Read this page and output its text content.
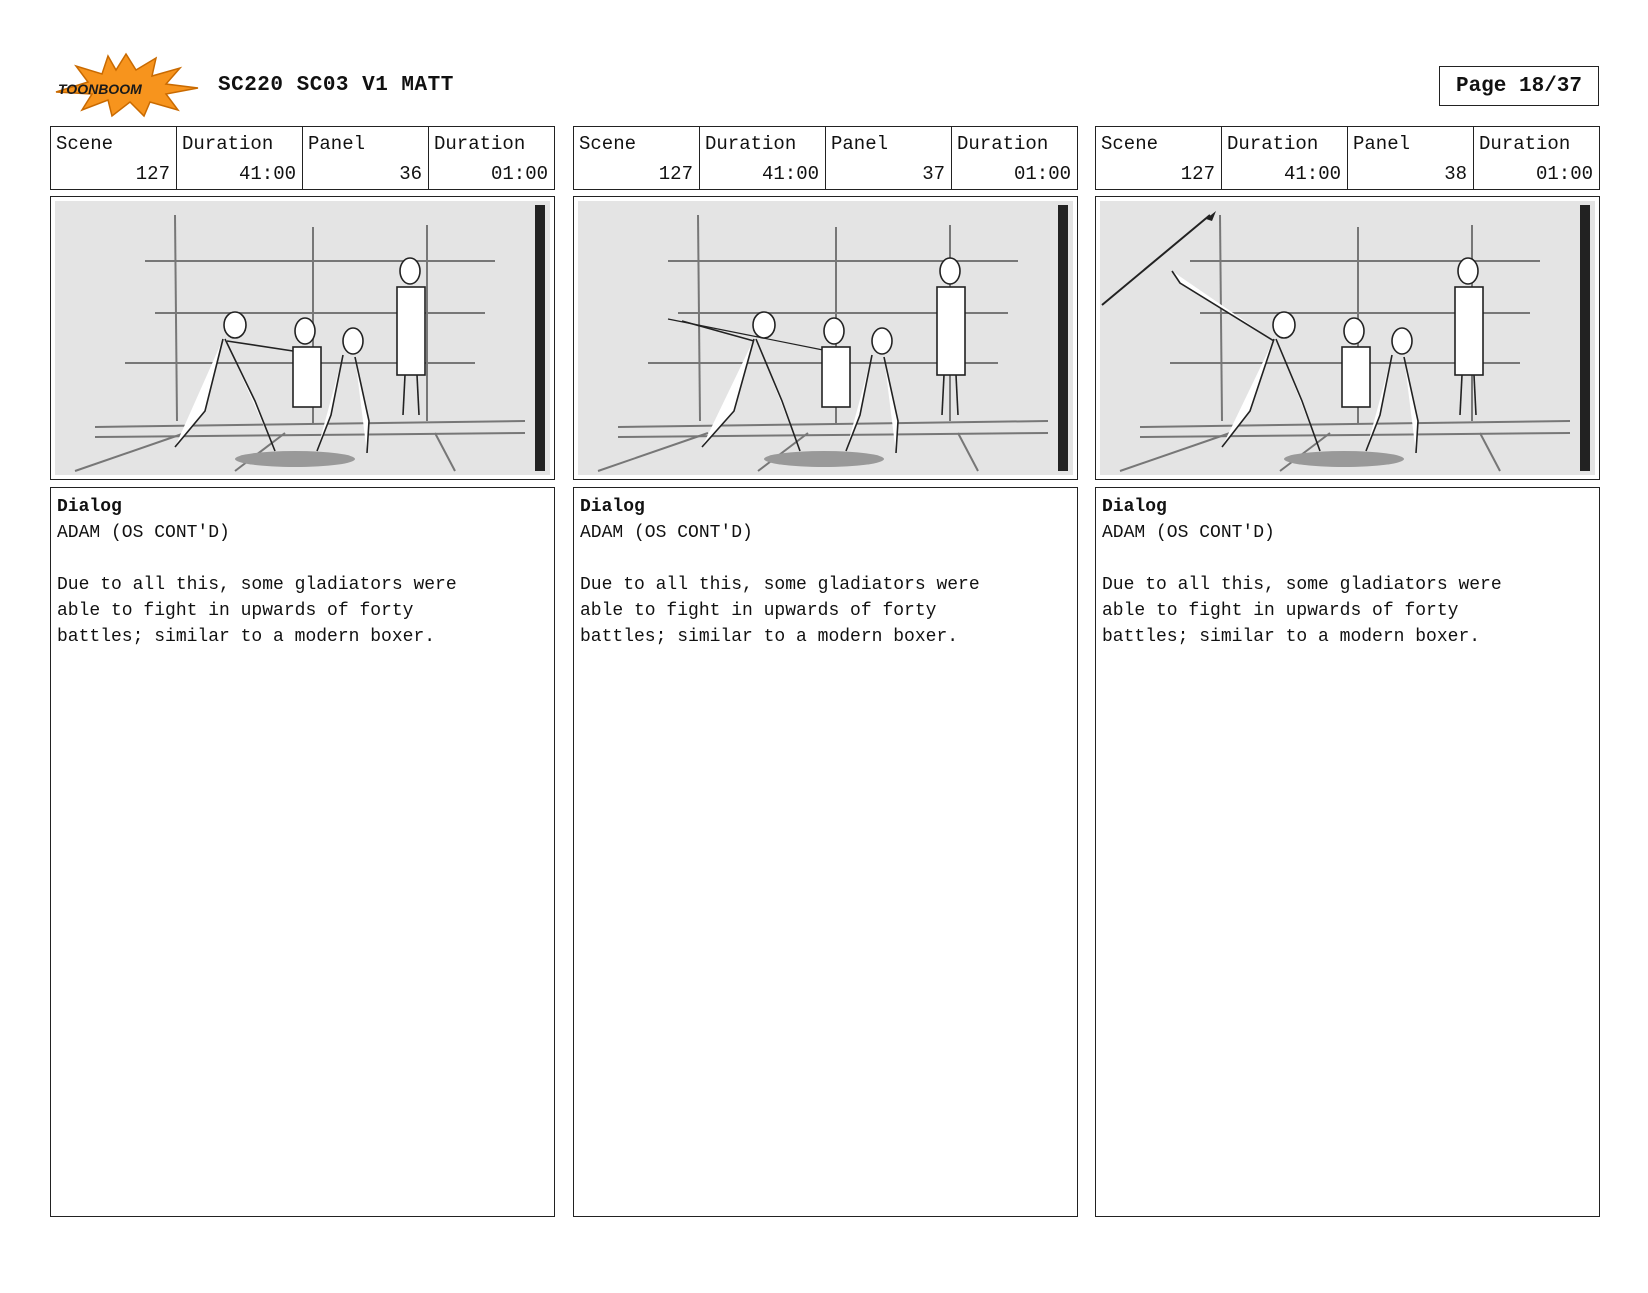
TOONBOOM	SC220 SC03 V1 MATT	Page
18/37
Scene
127
Duration
41:00
Panel
36
Duration
01:00
Dialog

ADAM (OS CONT'D)

Due to all this, some gladiators were
able to fight in upwards of forty
battles; similar to a modern boxer.

Scene
127
Duration
41:00
Panel
37
Duration
01:00
Dialog

ADAM (OS CONT'D)

Due to all this, some gladiators were
able to fight in upwards of forty
battles; similar to a modern boxer.

Scene
127
Duration
41:00
Panel
38
Duration
01:00
Dialog

ADAM (OS CONT'D)

Due to all this, some gladiators were
able to fight in upwards of forty
battles; similar to a modern boxer.
